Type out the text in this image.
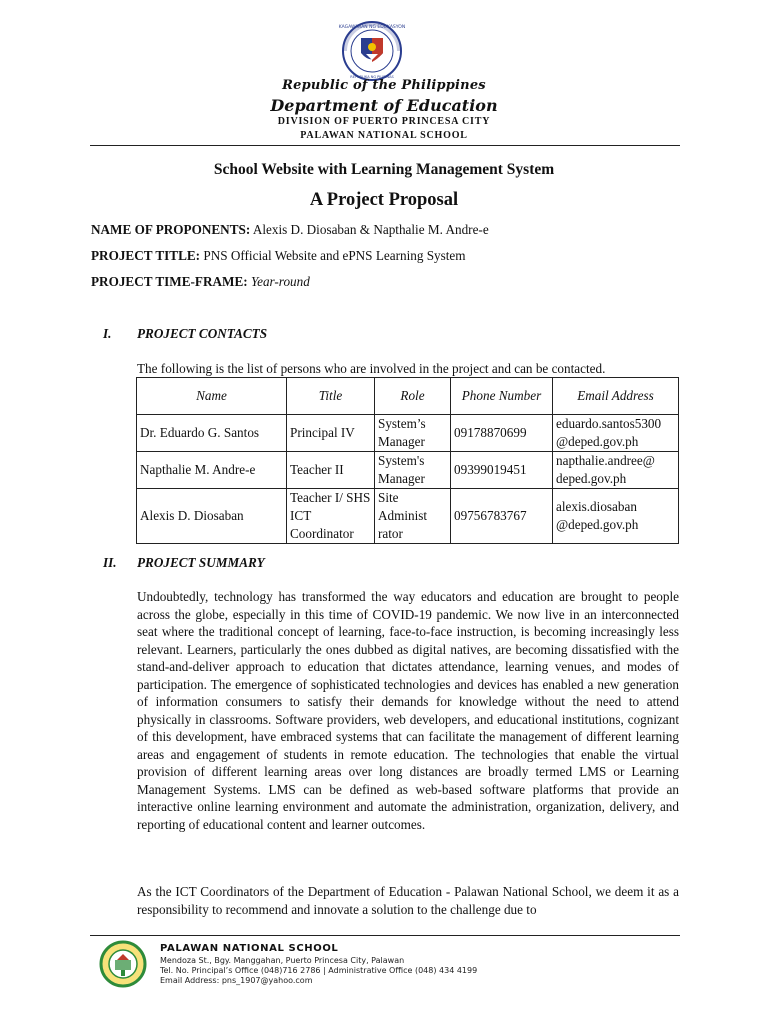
KAGAWARAN NG EDUKASYON
REPUBLIKA NG PILIPINAS
Republic of the Philippines
Department of Education
DIVISION OF PUERTO PRINCESA CITY
PALAWAN NATIONAL SCHOOL
School Website with Learning Management System
A Project Proposal
NAME OF PROPONENTS: Alexis D. Diosaban & Napthalie M. Andre-e
PROJECT TITLE: PNS Official Website and ePNS Learning System
PROJECT TIME-FRAME: Year-round
I. PROJECT CONTACTS
The following is the list of persons who are involved in the project and can be contacted.
Name	Title	Role	Phone Number	Email Address
Dr. Eduardo G. Santos	Principal IV	System’s Manager	09178870699	eduardo.santos5300 @deped.gov.ph
Napthalie M. Andre-e	Teacher II	System's Manager	09399019451	napthalie.andree@ deped.gov.ph
Alexis D. Diosaban	Teacher I/ SHS ICT Coordinator	Site Administ rator	09756783767	alexis.diosaban @deped.gov.ph
II. PROJECT SUMMARY
Undoubtedly, technology has transformed the way educators and education are brought to people across the globe, especially in this time of COVID-19 pandemic. We now live in an interconnected seat where the traditional concept of learning, face-to-face instruction, is becoming increasingly less relevant. Learners, particularly the ones dubbed as digital natives, are becoming dissatisfied with the stand-and-deliver approach to education that dictates attendance, learning venues, and modes of participation. The emergence of sophisticated technologies and devices has enabled a new generation of information consumers to satisfy their demands for knowledge without the need to attend physically in classrooms. Software providers, web developers, and educational institutions, cognizant of this development, have embraced systems that can facilitate the management of different learning areas and engagement of students in remote education. The technologies that enable the virtual provision of different learning areas over long distances are broadly termed LMS or Learning Management Systems. LMS can be defined as web-based software platforms that provide an interactive online learning environment and automate the administration, organization, delivery, and reporting of educational content and learner outcomes.
As the ICT Coordinators of the Department of Education - Palawan National School, we deem it as a responsibility to recommend and innovate a solution to the challenge due to
PALAWAN NATIONAL SCHOOL
Mendoza St., Bgy. Manggahan, Puerto Princesa City, Palawan
Tel. No. Principal’s Office (048)716 2786 | Administrative Office (048) 434 4199
Email Address: pns_1907@yahoo.com
